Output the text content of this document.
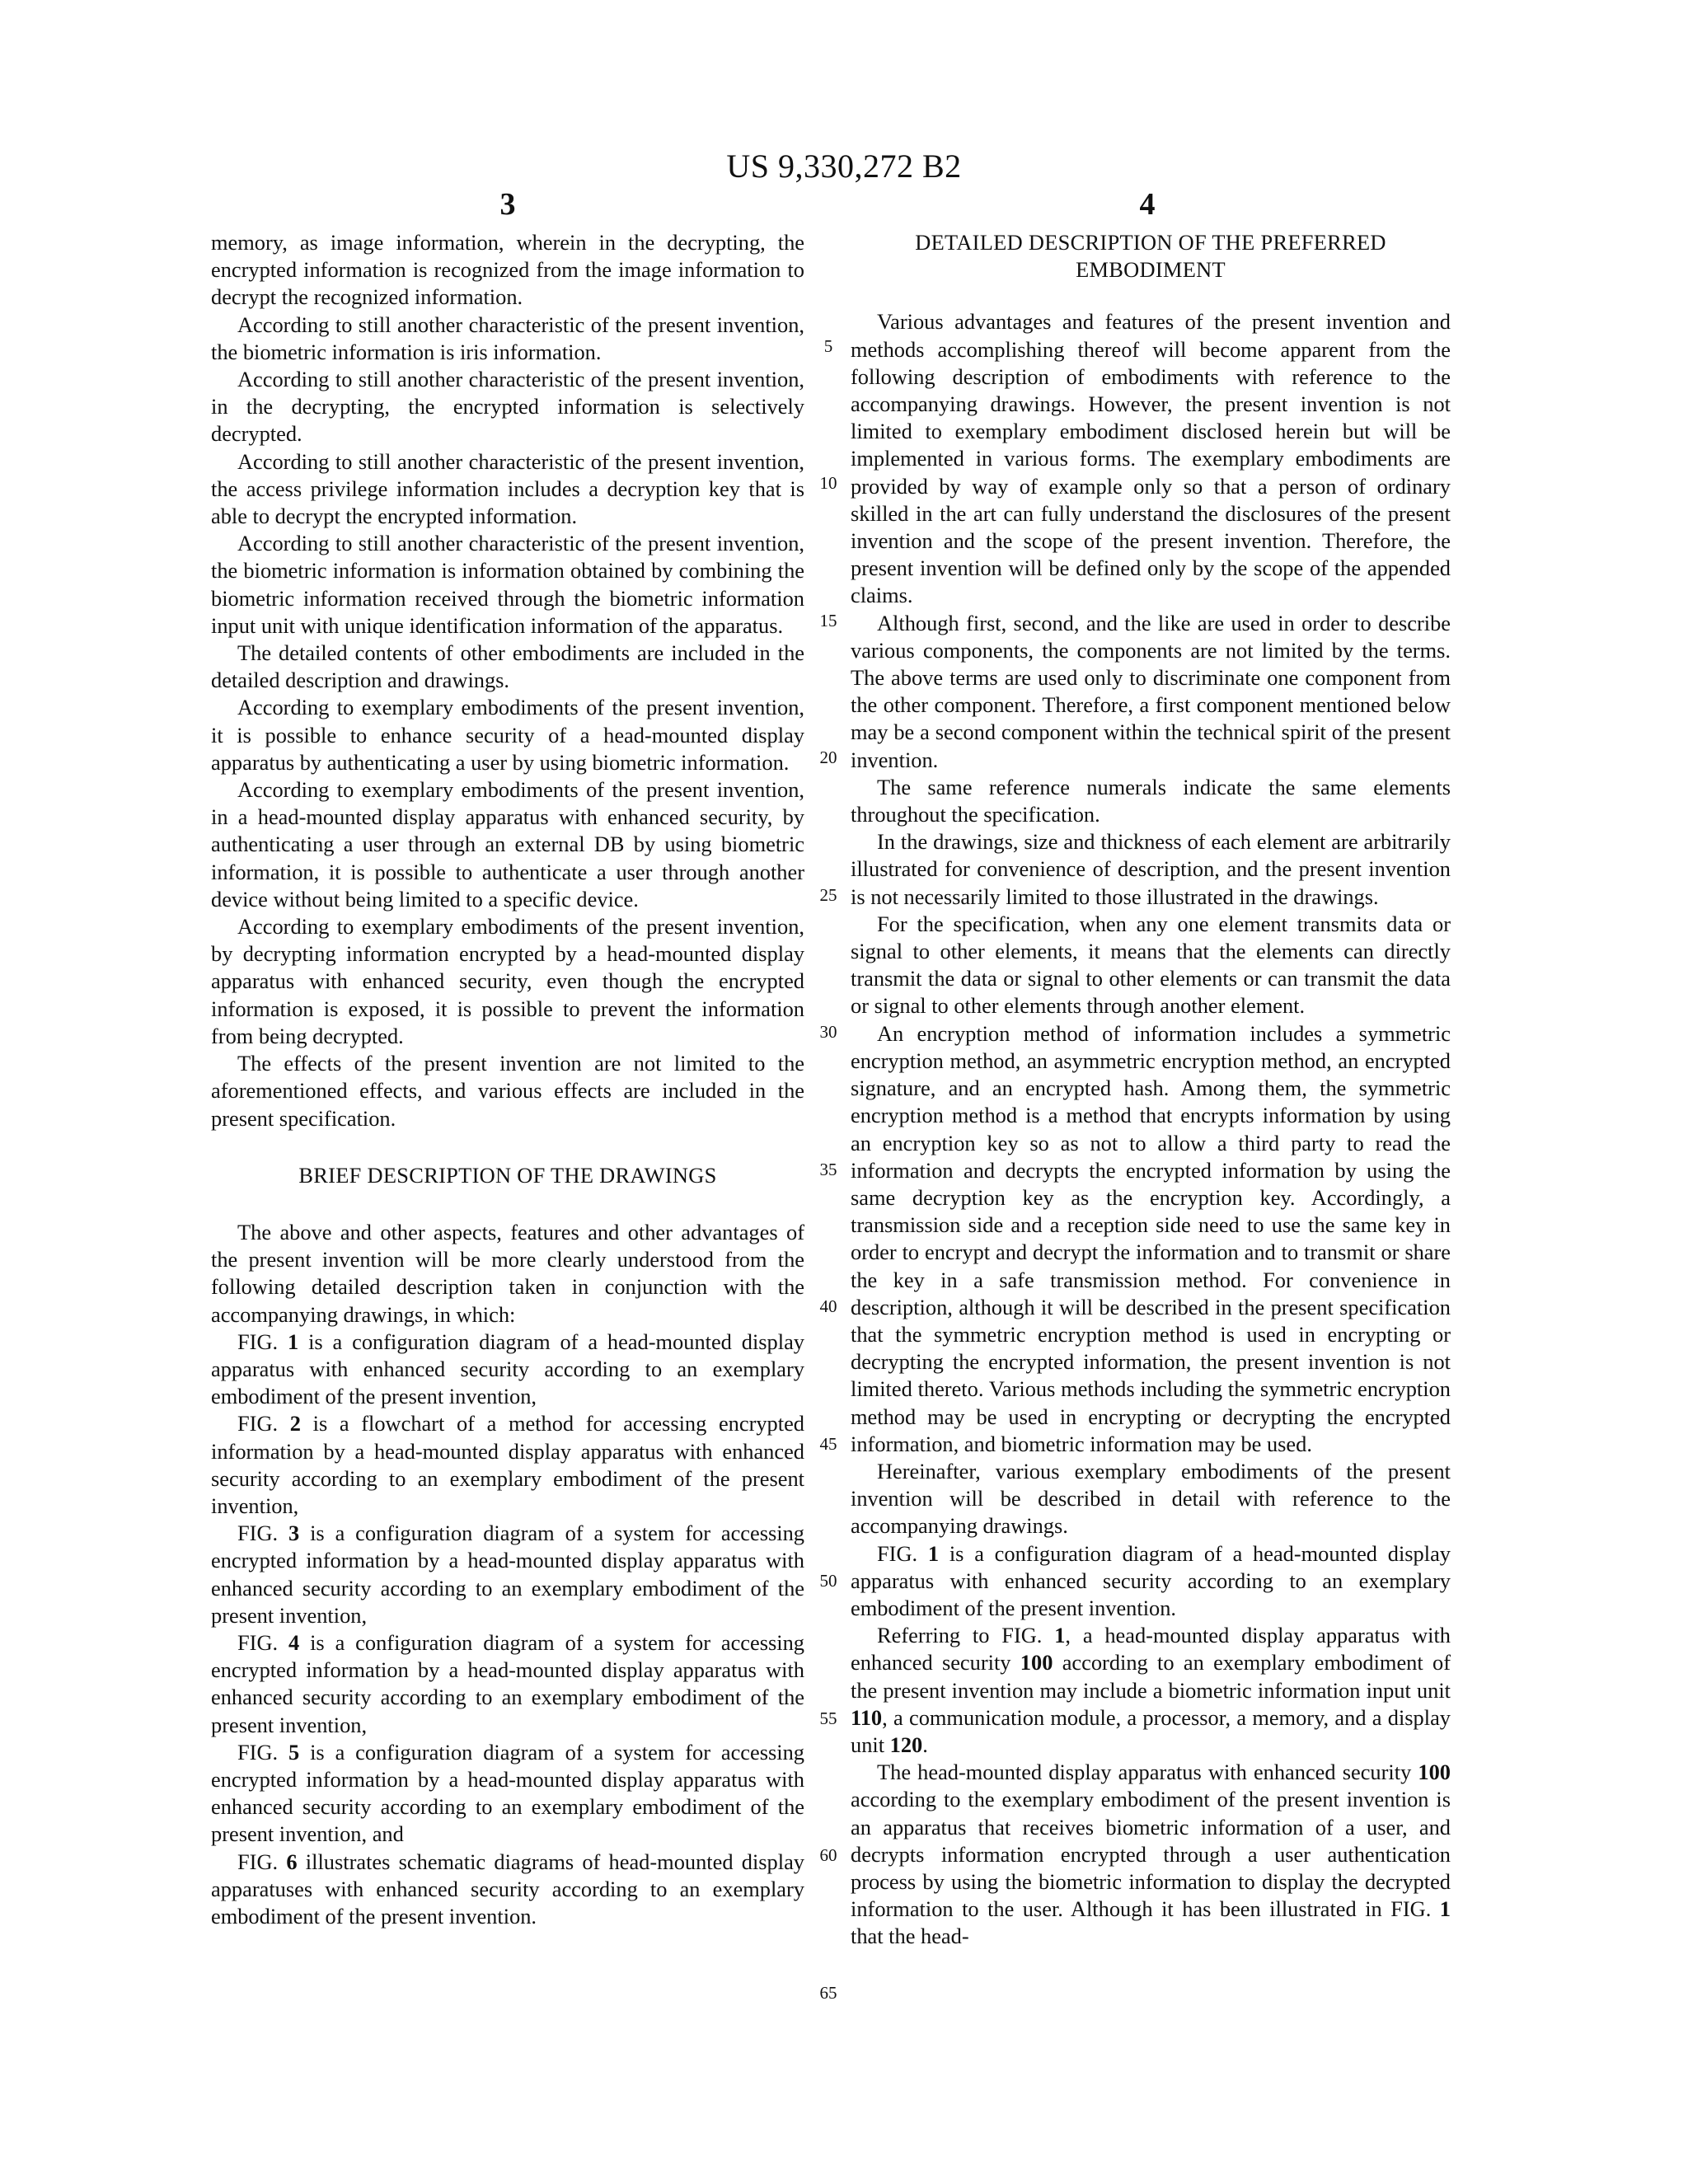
US 9,330,272 B2
3	4

memory, as image information, wherein in the decrypting, the encrypted information is recognized from the image information to decrypt the recognized information.

According to still another characteristic of the present invention, the biometric information is iris information.

According to still another characteristic of the present invention, in the decrypting, the encrypted information is selectively decrypted.

According to still another characteristic of the present invention, the access privilege information includes a decryption key that is able to decrypt the encrypted information.

According to still another characteristic of the present invention, the biometric information is information obtained by combining the biometric information received through the biometric information input unit with unique identification information of the apparatus.

The detailed contents of other embodiments are included in the detailed description and drawings.

According to exemplary embodiments of the present invention, it is possible to enhance security of a head-mounted display apparatus by authenticating a user by using biometric information.

According to exemplary embodiments of the present invention, in a head-mounted display apparatus with enhanced security, by authenticating a user through an external DB by using biometric information, it is possible to authenticate a user through another device without being limited to a specific device.

According to exemplary embodiments of the present invention, by decrypting information encrypted by a head-mounted display apparatus with enhanced security, even though the encrypted information is exposed, it is possible to prevent the information from being decrypted.

The effects of the present invention are not limited to the aforementioned effects, and various effects are included in the present specification.

BRIEF DESCRIPTION OF THE DRAWINGS

The above and other aspects, features and other advantages of the present invention will be more clearly understood from the following detailed description taken in conjunction with the accompanying drawings, in which:

FIG. 1 is a configuration diagram of a head-mounted display apparatus with enhanced security according to an exemplary embodiment of the present invention,

FIG. 2 is a flowchart of a method for accessing encrypted information by a head-mounted display apparatus with enhanced security according to an exemplary embodiment of the present invention,

FIG. 3 is a configuration diagram of a system for accessing encrypted information by a head-mounted display apparatus with enhanced security according to an exemplary embodiment of the present invention,

FIG. 4 is a configuration diagram of a system for accessing encrypted information by a head-mounted display apparatus with enhanced security according to an exemplary embodiment of the present invention,

FIG. 5 is a configuration diagram of a system for accessing encrypted information by a head-mounted display apparatus with enhanced security according to an exemplary embodiment of the present invention, and

FIG. 6 illustrates schematic diagrams of head-mounted display apparatuses with enhanced security according to an exemplary embodiment of the present invention.

5
10
15
20
25
30
35
40
45
50
55
60
65

DETAILED DESCRIPTION OF THE PREFERRED

EMBODIMENT

Various advantages and features of the present invention and methods accomplishing thereof will become apparent from the following description of embodiments with reference to the accompanying drawings. However, the present invention is not limited to exemplary embodiment disclosed herein but will be implemented in various forms. The exemplary embodiments are provided by way of example only so that a person of ordinary skilled in the art can fully understand the disclosures of the present invention and the scope of the present invention. Therefore, the present invention will be defined only by the scope of the appended claims.

Although first, second, and the like are used in order to describe various components, the components are not limited by the terms. The above terms are used only to discriminate one component from the other component. Therefore, a first component mentioned below may be a second component within the technical spirit of the present invention.

The same reference numerals indicate the same elements throughout the specification.

In the drawings, size and thickness of each element are arbitrarily illustrated for convenience of description, and the present invention is not necessarily limited to those illustrated in the drawings.

For the specification, when any one element transmits data or signal to other elements, it means that the elements can directly transmit the data or signal to other elements or can transmit the data or signal to other elements through another element.

An encryption method of information includes a symmetric encryption method, an asymmetric encryption method, an encrypted signature, and an encrypted hash. Among them, the symmetric encryption method is a method that encrypts information by using an encryption key so as not to allow a third party to read the information and decrypts the encrypted information by using the same decryption key as the encryption key. Accordingly, a transmission side and a reception side need to use the same key in order to encrypt and decrypt the information and to transmit or share the key in a safe transmission method. For convenience in description, although it will be described in the present specification that the symmetric encryption method is used in encrypting or decrypting the encrypted information, the present invention is not limited thereto. Various methods including the symmetric encryption method may be used in encrypting or decrypting the encrypted information, and biometric information may be used.

Hereinafter, various exemplary embodiments of the present invention will be described in detail with reference to the accompanying drawings.

FIG. 1 is a configuration diagram of a head-mounted display apparatus with enhanced security according to an exemplary embodiment of the present invention.

Referring to FIG. 1, a head-mounted display apparatus with enhanced security 100 according to an exemplary embodiment of the present invention may include a biometric information input unit 110, a communication module, a processor, a memory, and a display unit 120.

The head-mounted display apparatus with enhanced security 100 according to the exemplary embodiment of the present invention is an apparatus that receives biometric information of a user, and decrypts information encrypted through a user authentication process by using the biometric information to display the decrypted information to the user. Although it has been illustrated in FIG. 1 that the head-
